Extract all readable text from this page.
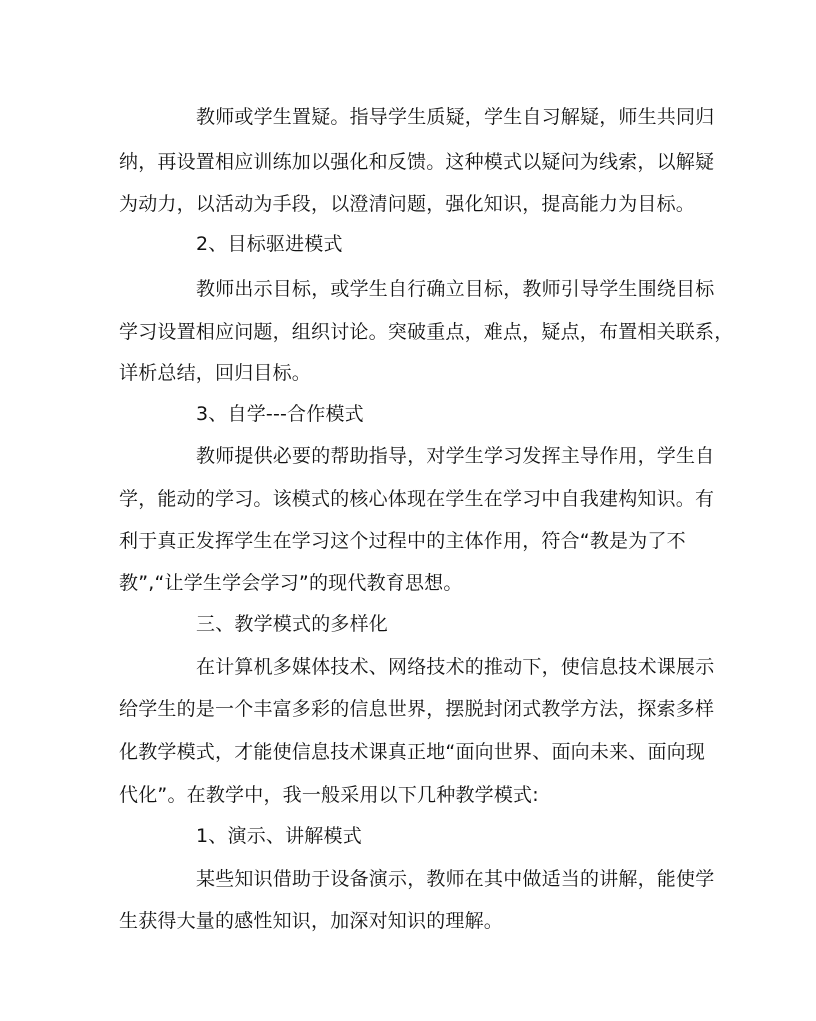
教师或学生置疑。指导学生质疑，学生自习解疑，师生共同归
纳，再设置相应训练加以强化和反馈。这种模式以疑问为线索，以解疑
为动力，以活动为手段，以澄清问题，强化知识，提高能力为目标。
2、目标驱进模式
教师出示目标，或学生自行确立目标，教师引导学生围绕目标
学习设置相应问题，组织讨论。突破重点，难点，疑点，布置相关联系，
详析总结，回归目标。
3、自学---合作模式
教师提供必要的帮助指导，对学生学习发挥主导作用，学生自
学，能动的学习。该模式的核心体现在学生在学习中自我建构知识。有
利于真正发挥学生在学习这个过程中的主体作用，符合“教是为了不
教”,“让学生学会学习”的现代教育思想。
三、教学模式的多样化
在计算机多媒体技术、网络技术的推动下，使信息技术课展示
给学生的是一个丰富多彩的信息世界，摆脱封闭式教学方法，探索多样
化教学模式，才能使信息技术课真正地“面向世界、面向未来、面向现
代化”。在教学中，我一般采用以下几种教学模式:
1、演示、讲解模式
某些知识借助于设备演示，教师在其中做适当的讲解，能使学
生获得大量的感性知识，加深对知识的理解。
